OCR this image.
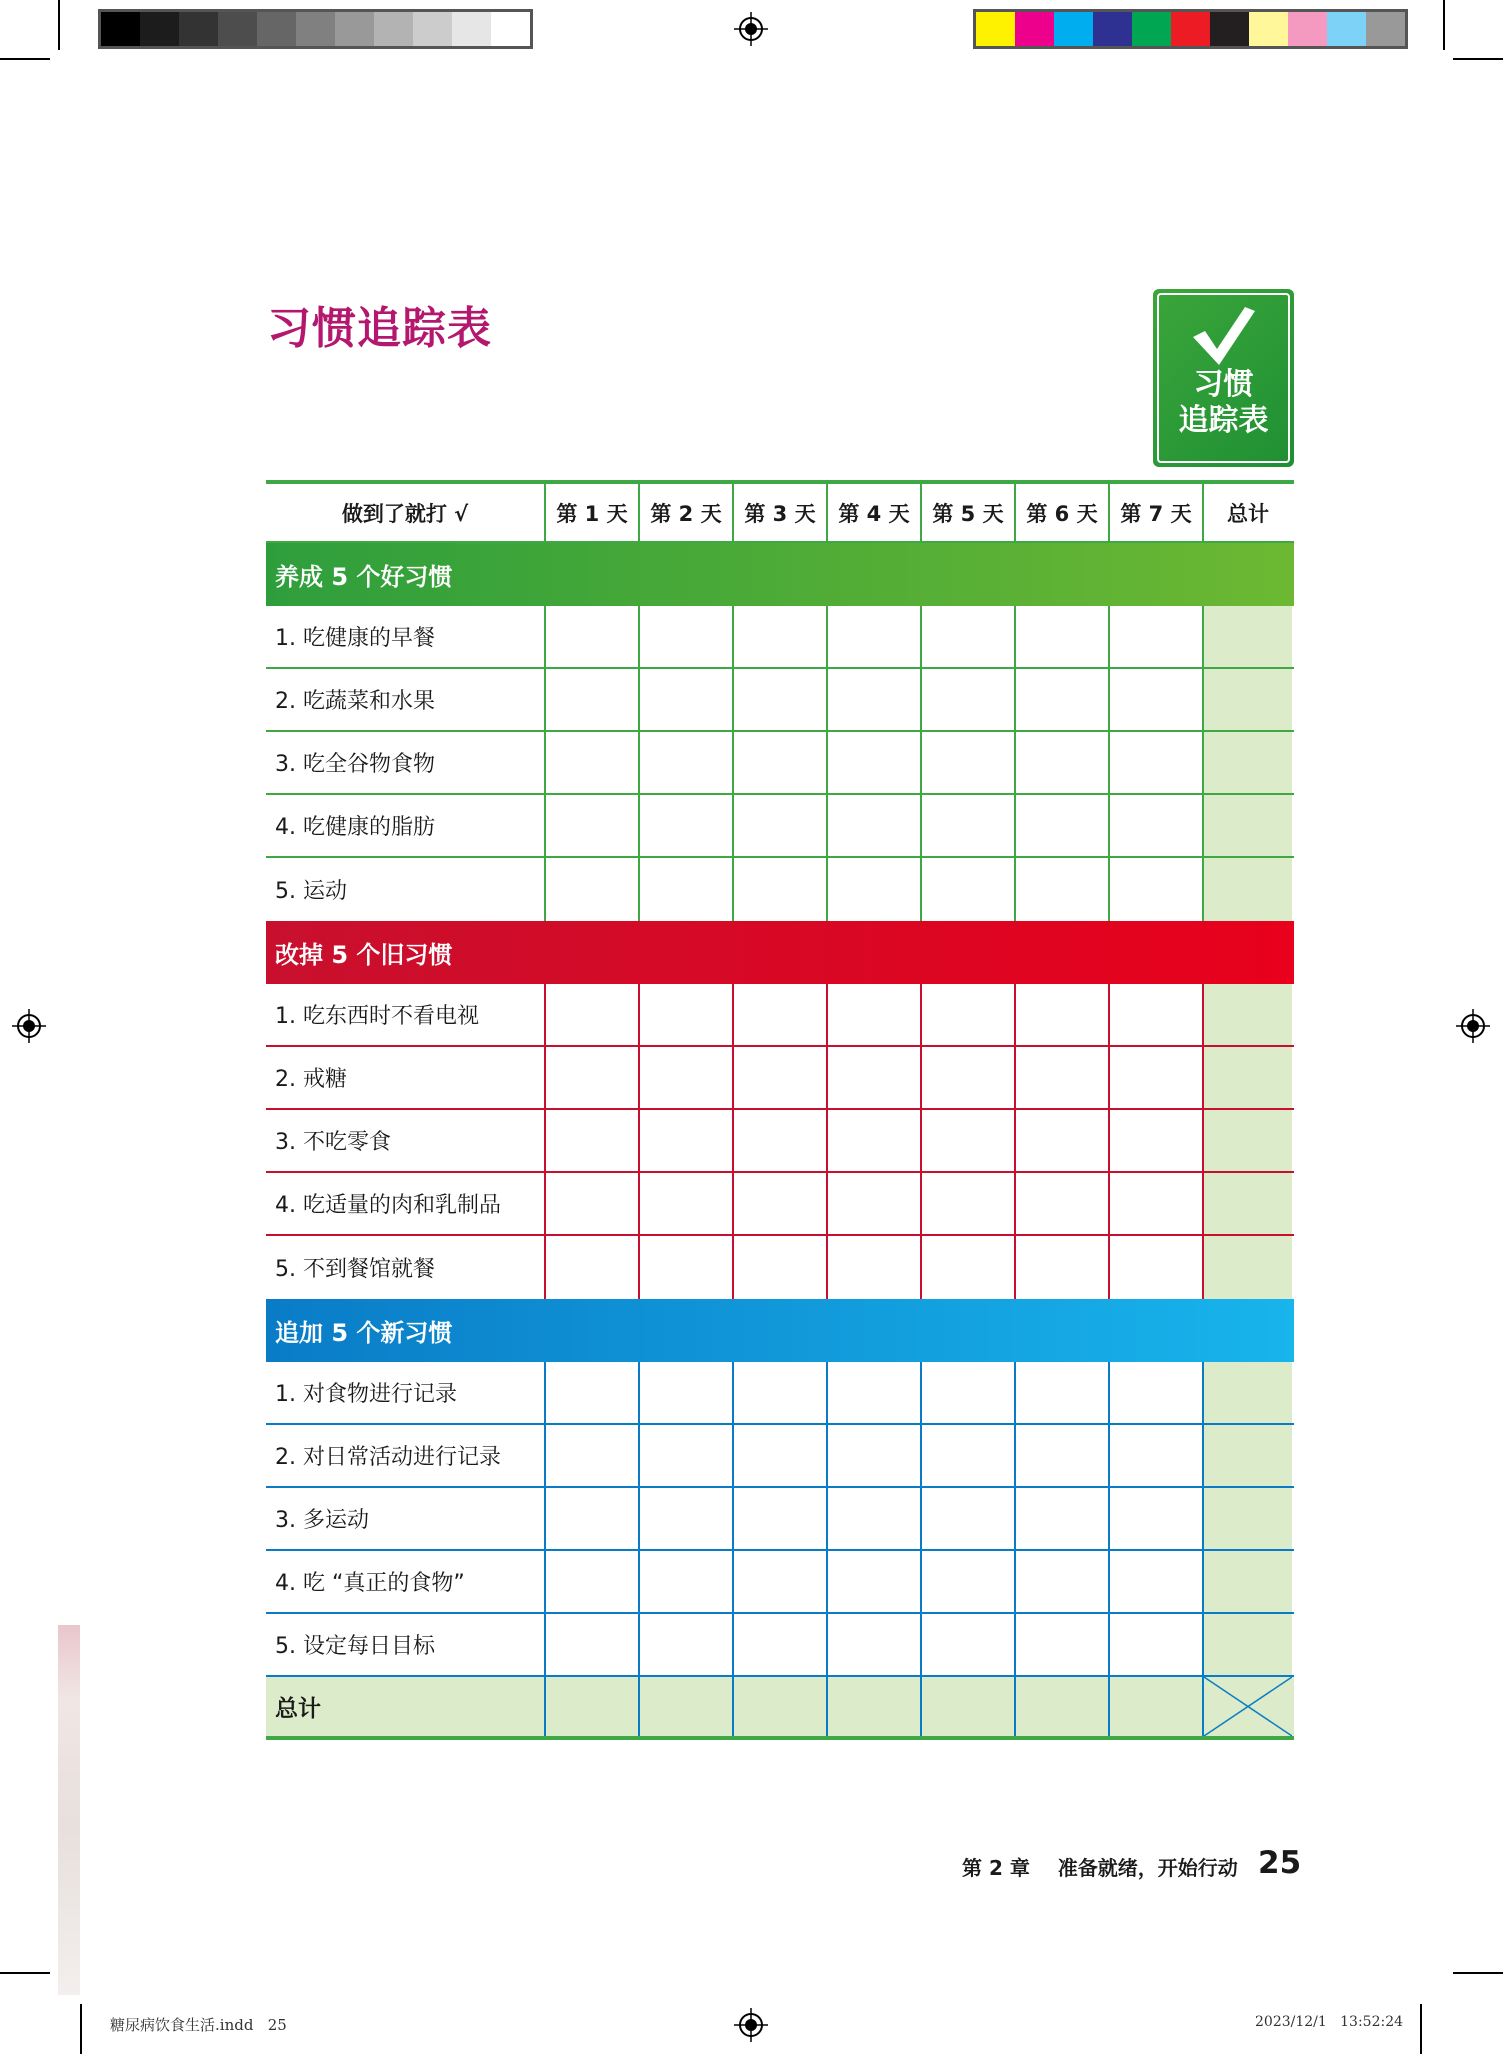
习惯追踪表
习惯
追踪表
做到了就打 √	第 1 天	第 2 天	第 3 天	第 4 天	第 5 天	第 6 天	第 7 天	总计
养成 5 个好习惯
1. 吃健康的早餐
2. 吃蔬菜和水果
3. 吃全谷物食物
4. 吃健康的脂肪
5. 运动
改掉 5 个旧习惯
1. 吃东西时不看电视
2. 戒糖
3. 不吃零食
4. 吃适量的肉和乳制品
5. 不到餐馆就餐
追加 5 个新习惯
1. 对食物进行记录
2. 对日常活动进行记录
3. 多运动
4. 吃 “真正的食物”
5. 设定每日目标
总计
第 2 章    准备就绪，开始行动 25
糖尿病饮食生活.indd   25	2023/12/1   13:52:24
